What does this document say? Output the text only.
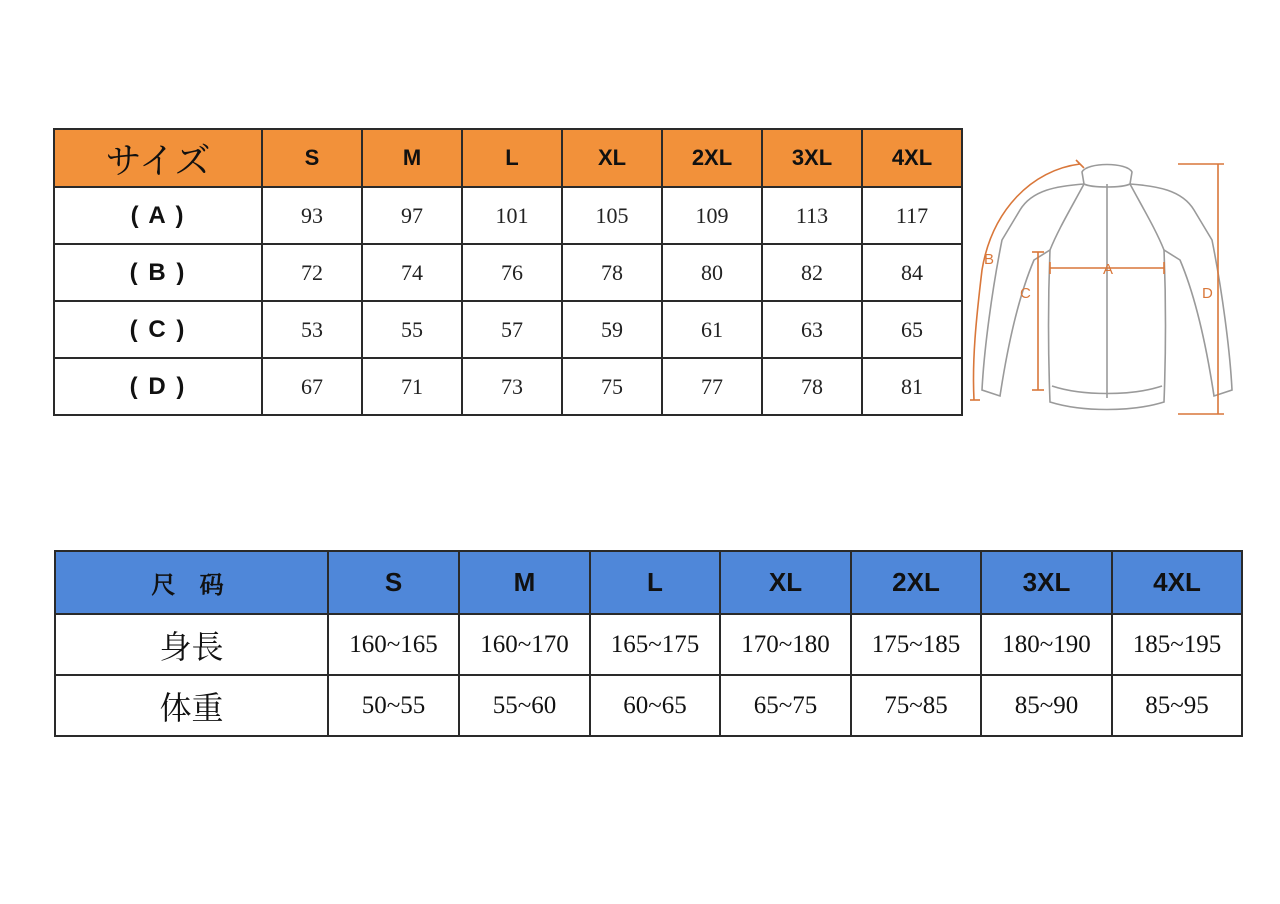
サイズ	S	M	L	XL	2XL	3XL	4XL
( A )	93	97	101	105	109	113	117
( B )	72	74	76	78	80	82	84
( C )	53	55	57	59	61	63	65
( D )	67	71	73	75	77	78	81
A
B
C	D
尺 码	S	M	L	XL	2XL	3XL	4XL
身長	160~165	160~170	165~175	170~180	175~185	180~190	185~195
体重	50~55	55~60	60~65	65~75	75~85	85~90	85~95
